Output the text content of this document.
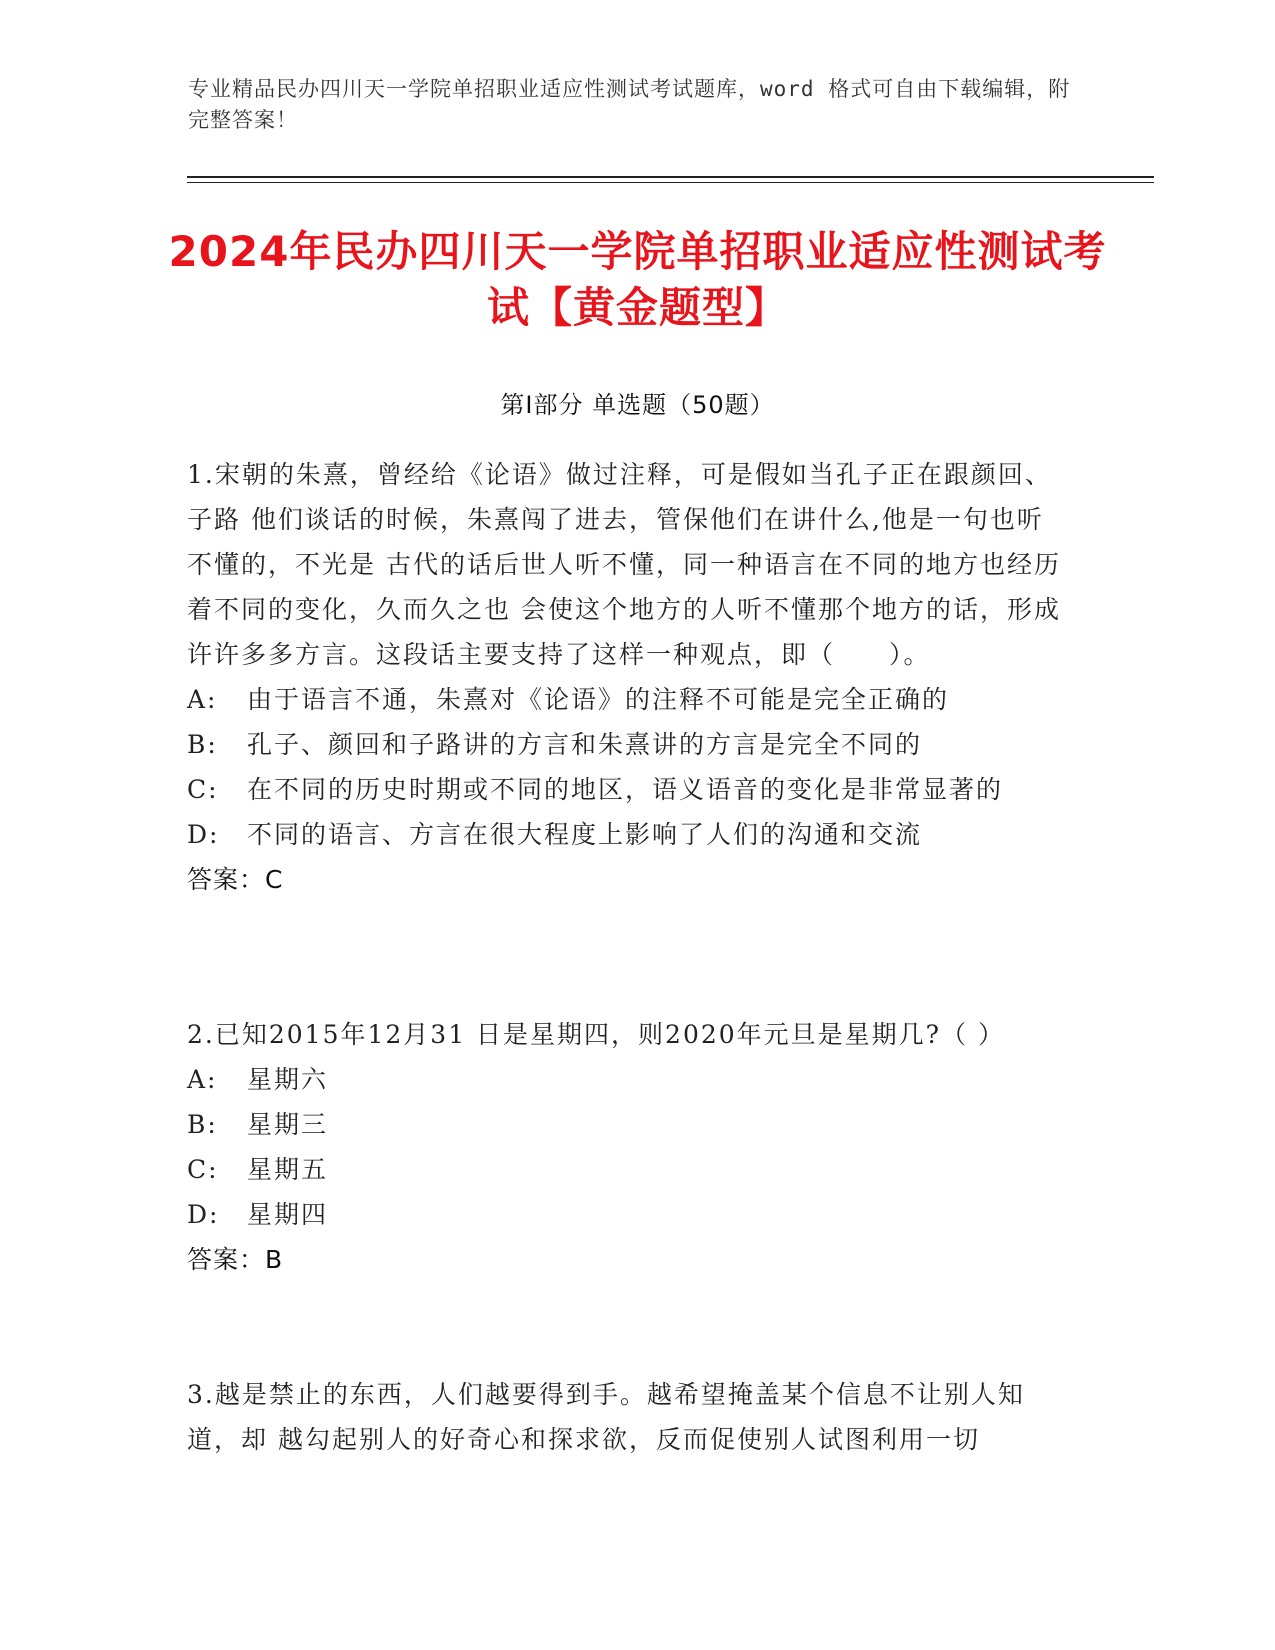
专业精品民办四川天一学院单招职业适应性测试考试题库，word 格式可自由下载编辑，附完整答案！
2024年民办四川天一学院单招职业适应性测试考试【黄金题型】
第Ⅰ部分 单选题（50题）

1.宋朝的朱熹，曾经给《论语》做过注释，可是假如当孔子正在跟颜回、子路 他们谈话的时候，朱熹闯了进去，管保他们在讲什么,他是一句也听不懂的，不光是 古代的话后世人听不懂，同一种语言在不同的地方也经历着不同的变化，久而久之也 会使这个地方的人听不懂那个地方的话，形成许许多多方言。这段话主要支持了这样一种观点，即（　　）。

A:	由于语言不通，朱熹对《论语》的注释不可能是完全正确的
B:	孔子、颜回和子路讲的方言和朱熹讲的方言是完全不同的
C:	在不同的历史时期或不同的地区，语义语音的变化是非常显著的
D:	不同的语言、方言在很大程度上影响了人们的沟通和交流

答案：C

2.已知2015年12月31 日是星期四，则2020年元旦是星期几?（ ）

A:	星期六
B:	星期三
C:	星期五
D:	星期四

答案：B

3.越是禁止的东西，人们越要得到手。越希望掩盖某个信息不让别人知道，却 越勾起别人的好奇心和探求欲，反而促使别人试图利用一切
